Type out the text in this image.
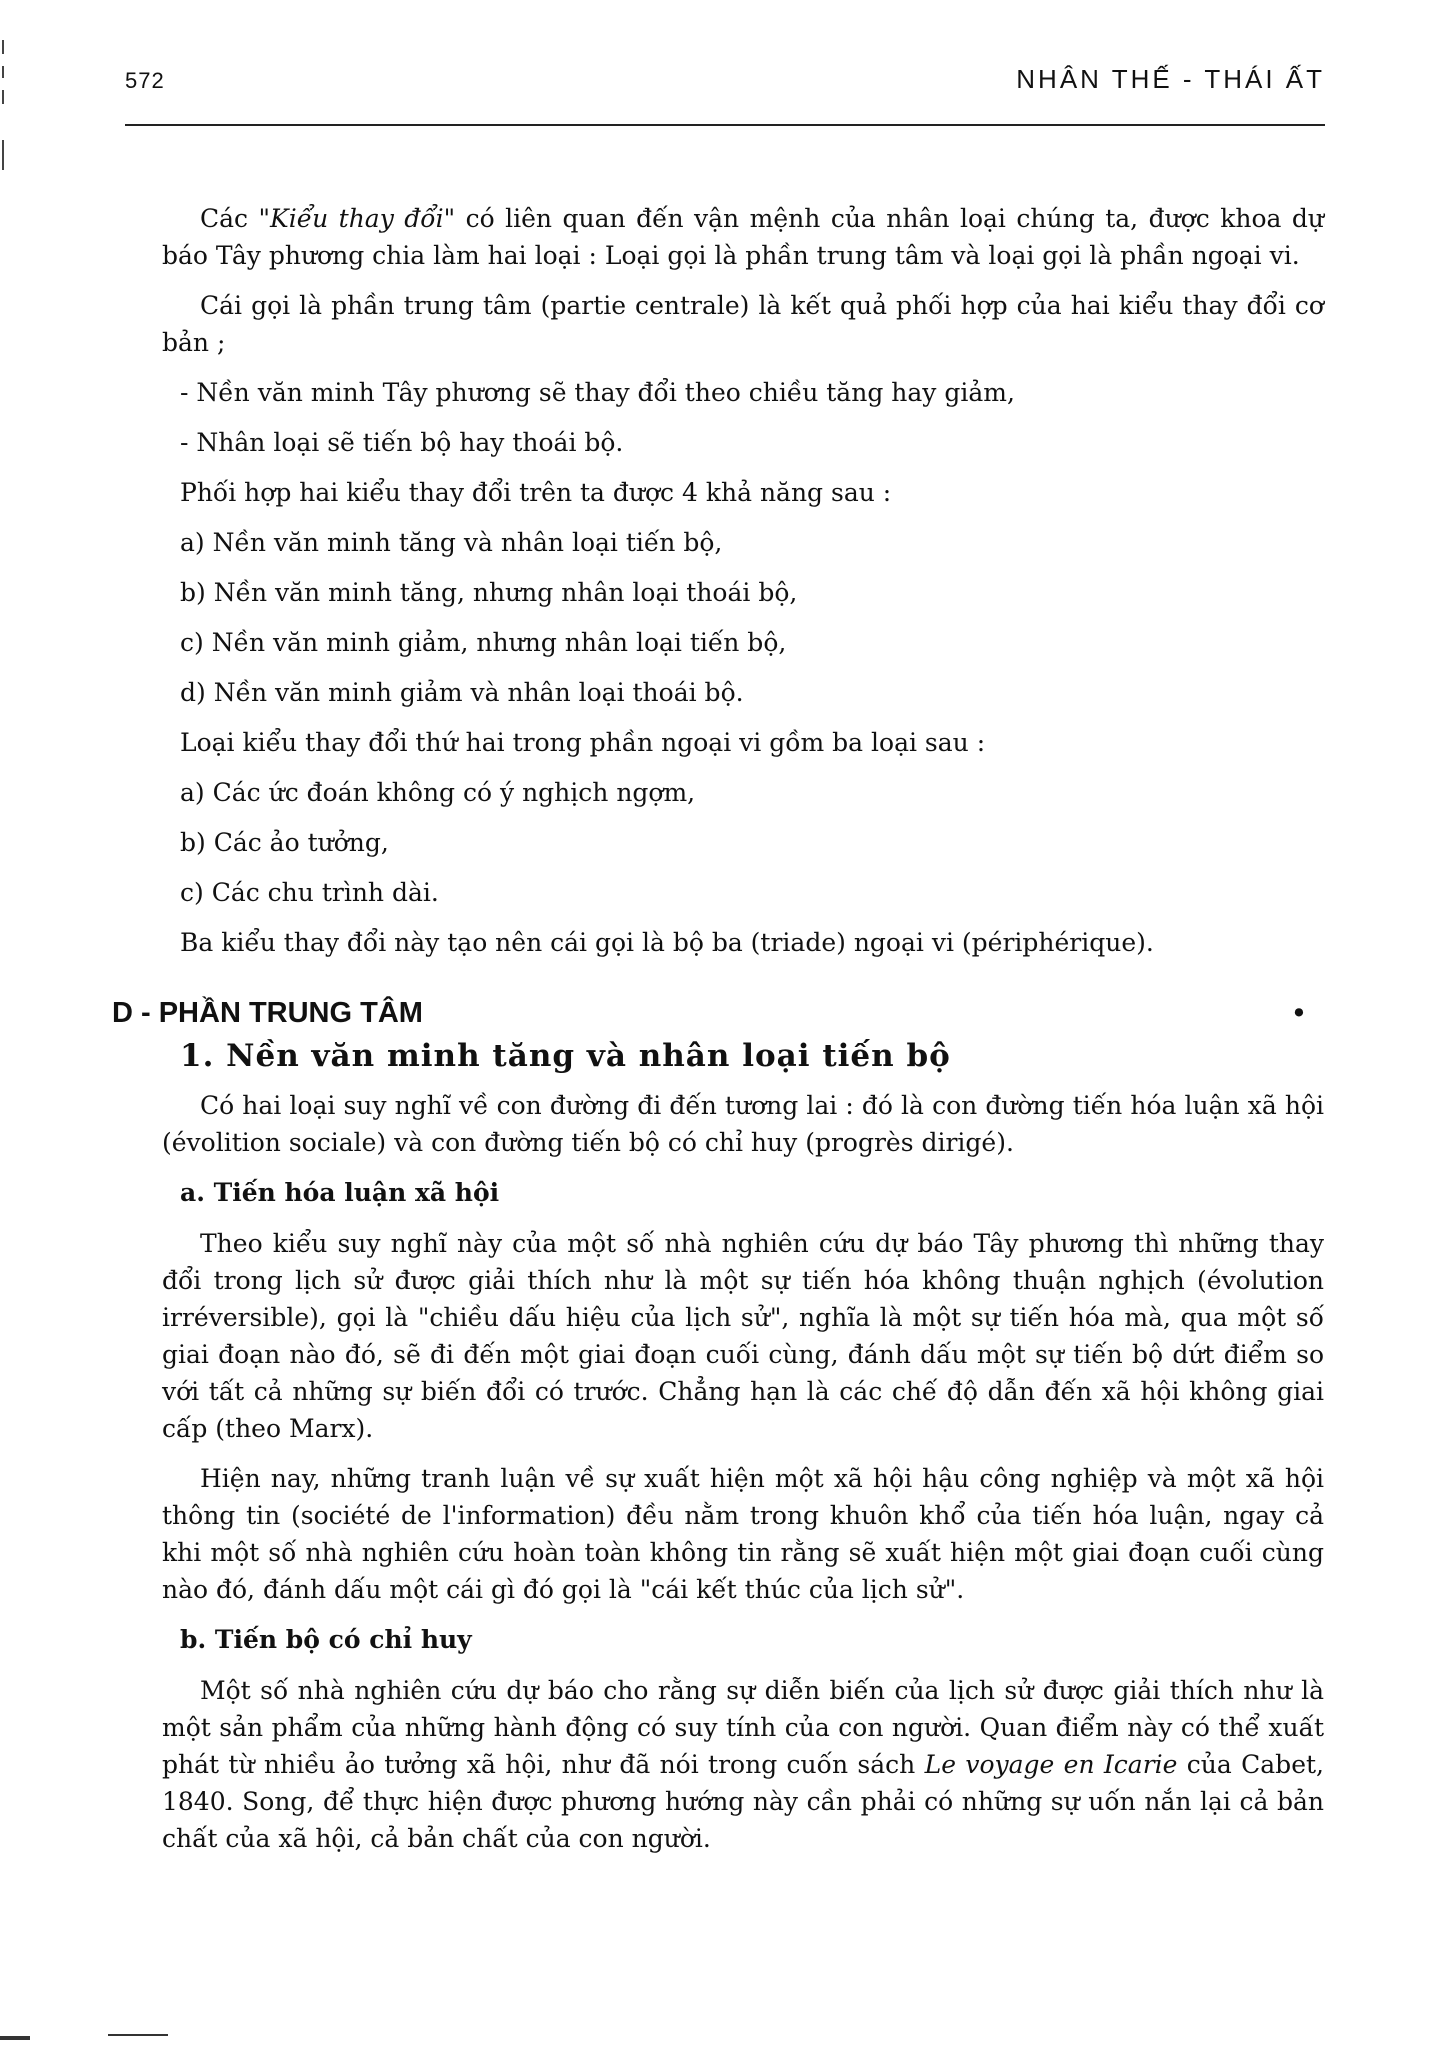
572	NHÂN THẾ - THÁI ẤT

Các "Kiểu thay đổi" có liên quan đến vận mệnh của nhân loại chúng ta, được khoa dự báo Tây phương chia làm hai loại : Loại gọi là phần trung tâm và loại gọi là phần ngoại vi.

Cái gọi là phần trung tâm (partie centrale) là kết quả phối hợp của hai kiểu thay đổi cơ bản ;

- Nền văn minh Tây phương sẽ thay đổi theo chiều tăng hay giảm,

- Nhân loại sẽ tiến bộ hay thoái bộ.

Phối hợp hai kiểu thay đổi trên ta được 4 khả năng sau :

a) Nền văn minh tăng và nhân loại tiến bộ,

b) Nền văn minh tăng, nhưng nhân loại thoái bộ,

c) Nền văn minh giảm, nhưng nhân loại tiến bộ,

d) Nền văn minh giảm và nhân loại thoái bộ.

Loại kiểu thay đổi thứ hai trong phần ngoại vi gồm ba loại sau :

a) Các ức đoán không có ý nghịch ngợm,

b) Các ảo tưởng,

c) Các chu trình dài.

Ba kiểu thay đổi này tạo nên cái gọi là bộ ba (triade) ngoại vi (périphérique).

D - PHẦN TRUNG TÂM	•
1. Nền văn minh tăng và nhân loại tiến bộ

Có hai loại suy nghĩ về con đường đi đến tương lai : đó là con đường tiến hóa luận xã hội (évolition sociale) và con đường tiến bộ có chỉ huy (progrès dirigé).

a. Tiến hóa luận xã hội

Theo kiểu suy nghĩ này của một số nhà nghiên cứu dự báo Tây phương thì những thay đổi trong lịch sử được giải thích như là một sự tiến hóa không thuận nghịch (évolution irréversible), gọi là "chiều dấu hiệu của lịch sử", nghĩa là một sự tiến hóa mà, qua một số giai đoạn nào đó, sẽ đi đến một giai đoạn cuối cùng, đánh dấu một sự tiến bộ dứt điểm so với tất cả những sự biến đổi có trước. Chẳng hạn là các chế độ dẫn đến xã hội không giai cấp (theo Marx).

Hiện nay, những tranh luận về sự xuất hiện một xã hội hậu công nghiệp và một xã hội thông tin (société de l'information) đều nằm trong khuôn khổ của tiến hóa luận, ngay cả khi một số nhà nghiên cứu hoàn toàn không tin rằng sẽ xuất hiện một giai đoạn cuối cùng nào đó, đánh dấu một cái gì đó gọi là "cái kết thúc của lịch sử".

b. Tiến bộ có chỉ huy

Một số nhà nghiên cứu dự báo cho rằng sự diễn biến của lịch sử được giải thích như là một sản phẩm của những hành động có suy tính của con người. Quan điểm này có thể xuất phát từ nhiều ảo tưởng xã hội, như đã nói trong cuốn sách Le voyage en Icarie của Cabet, 1840. Song, để thực hiện được phương hướng này cần phải có những sự uốn nắn lại cả bản chất của xã hội, cả bản chất của con người.
